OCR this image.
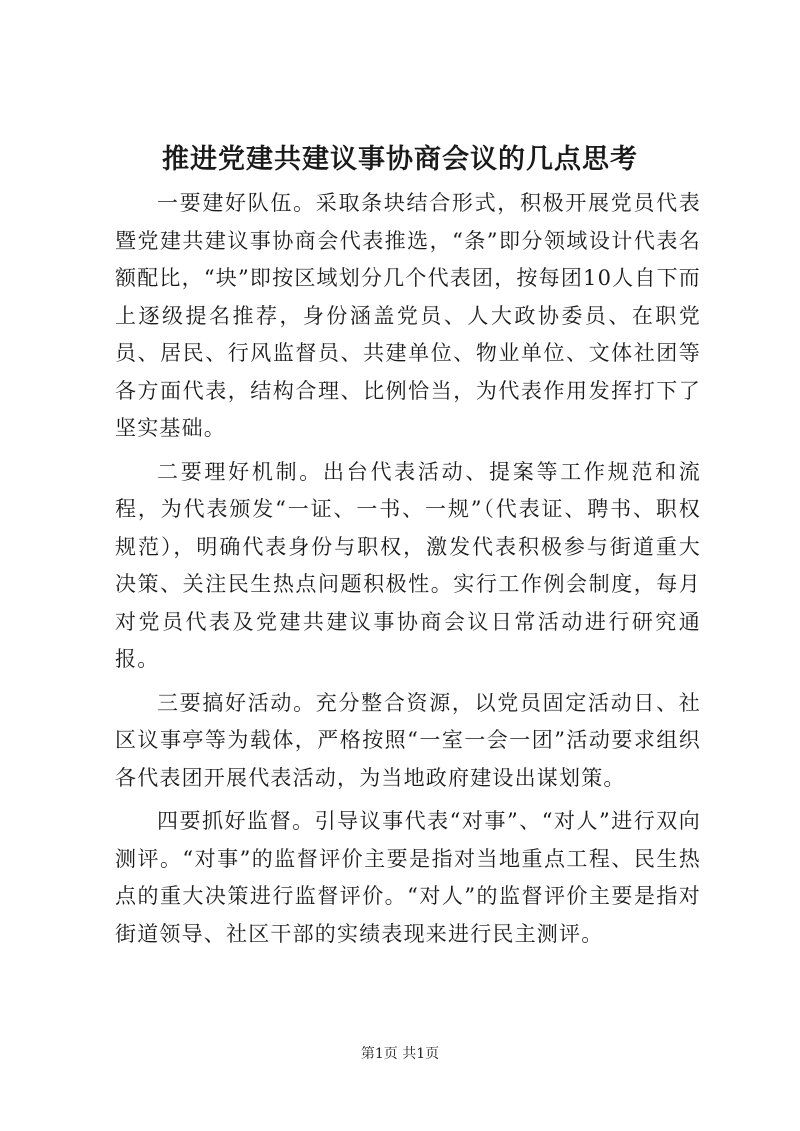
推进党建共建议事协商会议的几点思考

一要建好队伍。采取条块结合形式，积极开展党员代表暨党建共建议事协商会代表推选，“条”即分领域设计代表名额配比，“块”即按区域划分几个代表团，按每团10人自下而上逐级提名推荐，身份涵盖党员、人大政协委员、在职党员、居民、行风监督员、共建单位、物业单位、文体社团等各方面代表，结构合理、比例恰当，为代表作用发挥打下了坚实基础。

二要理好机制。出台代表活动、提案等工作规范和流程，为代表颁发“一证、一书、一规”（代表证、聘书、职权规范），明确代表身份与职权，激发代表积极参与街道重大决策、关注民生热点问题积极性。实行工作例会制度，每月对党员代表及党建共建议事协商会议日常活动进行研究通报。

三要搞好活动。充分整合资源，以党员固定活动日、社区议事亭等为载体，严格按照“一室一会一团”活动要求组织各代表团开展代表活动，为当地政府建设出谋划策。

四要抓好监督。引导议事代表“对事”、“对人”进行双向测评。“对事”的监督评价主要是指对当地重点工程、民生热点的重大决策进行监督评价。“对人”的监督评价主要是指对街道领导、社区干部的实绩表现来进行民主测评。

第1页 共1页
